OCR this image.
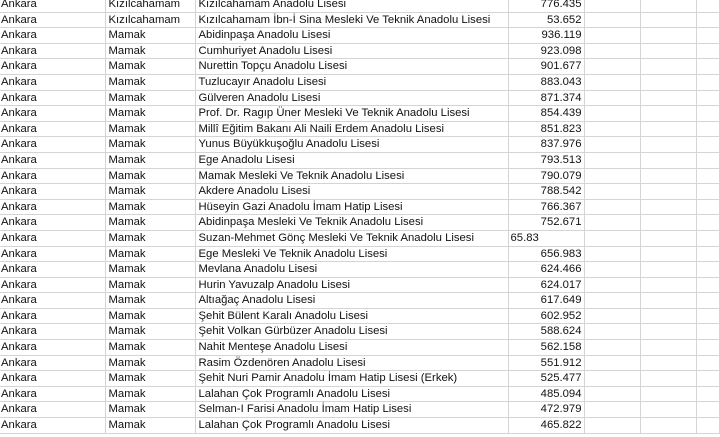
Ankara	Kızılcahamam	Kızılcahamam Anadolu Lisesi	776.435			
Ankara	Kızılcahamam	Kızılcahamam İbn-İ Sina Mesleki Ve Teknik Anadolu Lisesi	53.652			
Ankara	Mamak	Abidinpaşa Anadolu Lisesi	936.119			
Ankara	Mamak	Cumhuriyet Anadolu Lisesi	923.098			
Ankara	Mamak	Nurettin Topçu Anadolu Lisesi	901.677			
Ankara	Mamak	Tuzlucayır Anadolu Lisesi	883.043			
Ankara	Mamak	Gülveren Anadolu Lisesi	871.374			
Ankara	Mamak	Prof. Dr. Ragıp Üner Mesleki Ve Teknik Anadolu Lisesi	854.439			
Ankara	Mamak	Millî Eğitim Bakanı Ali Naili Erdem Anadolu Lisesi	851.823			
Ankara	Mamak	Yunus Büyükkuşoğlu Anadolu Lisesi	837.976			
Ankara	Mamak	Ege Anadolu Lisesi	793.513			
Ankara	Mamak	Mamak Mesleki Ve Teknik Anadolu Lisesi	790.079			
Ankara	Mamak	Akdere Anadolu Lisesi	788.542			
Ankara	Mamak	Hüseyin Gazi Anadolu İmam Hatip Lisesi	766.367			
Ankara	Mamak	Abidinpaşa Mesleki Ve Teknik Anadolu Lisesi	752.671			
Ankara	Mamak	Suzan-Mehmet Gönç Mesleki Ve Teknik Anadolu Lisesi	65.83			
Ankara	Mamak	Ege Mesleki Ve Teknik Anadolu Lisesi	656.983			
Ankara	Mamak	Mevlana Anadolu Lisesi	624.466			
Ankara	Mamak	Hurin Yavuzalp Anadolu Lisesi	624.017			
Ankara	Mamak	Altıağaç Anadolu Lisesi	617.649			
Ankara	Mamak	Şehit Bülent Karalı Anadolu Lisesi	602.952			
Ankara	Mamak	Şehit Volkan Gürbüzer Anadolu Lisesi	588.624			
Ankara	Mamak	Nahit Menteşe Anadolu Lisesi	562.158			
Ankara	Mamak	Rasim Özdenören Anadolu Lisesi	551.912			
Ankara	Mamak	Şehit Nuri Pamir Anadolu İmam Hatip Lisesi (Erkek)	525.477			
Ankara	Mamak	Lalahan Çok Programlı Anadolu Lisesi	485.094			
Ankara	Mamak	Selman-I Farisi Anadolu İmam Hatip Lisesi	472.979			
Ankara	Mamak	Lalahan Çok Programlı Anadolu Lisesi	465.822			
